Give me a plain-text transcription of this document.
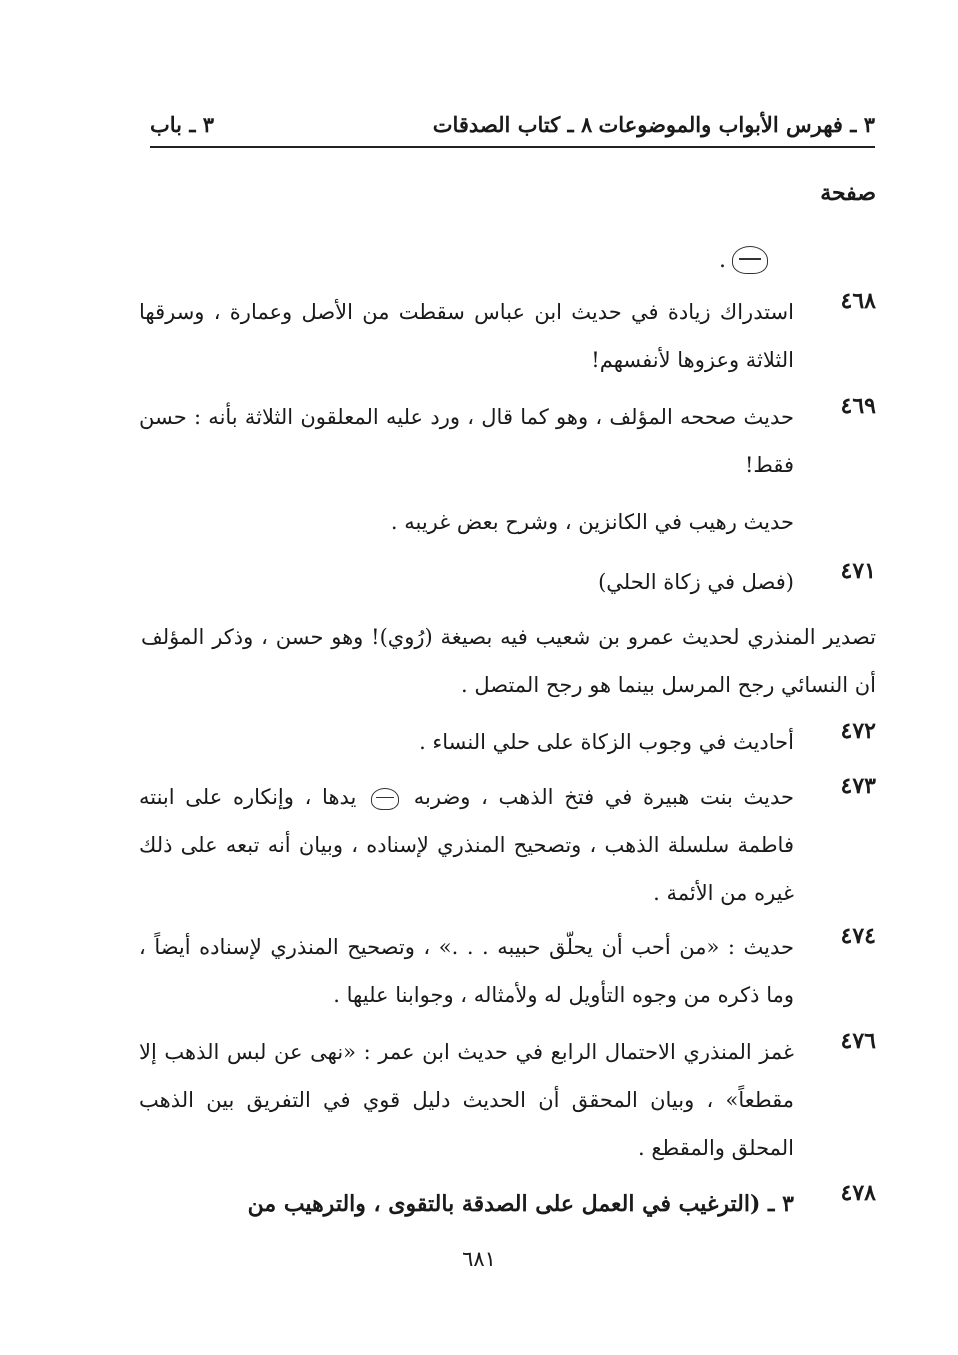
٣ ـ فهرس الأبواب والموضوعات
٨ ـ كتاب الصدقات
٣ ـ باب
صفحة
.
٤٦٨
استدراك زيادة في حديث ابن عباس سقطت من الأصل وعمارة ، وسرقها الثلاثة وعزوها لأنفسهم!
٤٦٩
حديث صححه المؤلف ، وهو كما قال ، ورد عليه المعلقون الثلاثة بأنه : حسن فقط!
حديث رهيب في الكانزين ، وشرح بعض غريبه .
٤٧١
(فصل في زكاة الحلي)
تصدير المنذري لحديث عمرو بن شعيب فيه بصيغة (رُوي)! وهو حسن ، وذكر المؤلف أن النسائي رجح المرسل بينما هو رجح المتصل .
٤٧٢
أحاديث في وجوب الزكاة على حلي النساء .
٤٧٣
حديث بنت هبيرة في فتخ الذهب ، وضربه  يدها ، وإنكاره على ابنته فاطمة سلسلة الذهب ، وتصحيح المنذري لإسناده ، وبيان أنه تبعه على ذلك غيره من الأئمة .
٤٧٤
حديث : «من أحب أن يحلّق حبيبه . . .» ، وتصحيح المنذري لإسناده أيضاً ، وما ذكره من وجوه التأويل له ولأمثاله ، وجوابنا عليها .
٤٧٦
غمز المنذري الاحتمال الرابع في حديث ابن عمر : «نهى عن لبس الذهب إلا مقطعاً» ، وبيان المحقق أن الحديث دليل قوي في التفريق بين الذهب المحلق والمقطع .
٤٧٨
٣ ـ (الترغيب في العمل على الصدقة بالتقوى ، والترهيب من
٦٨١
